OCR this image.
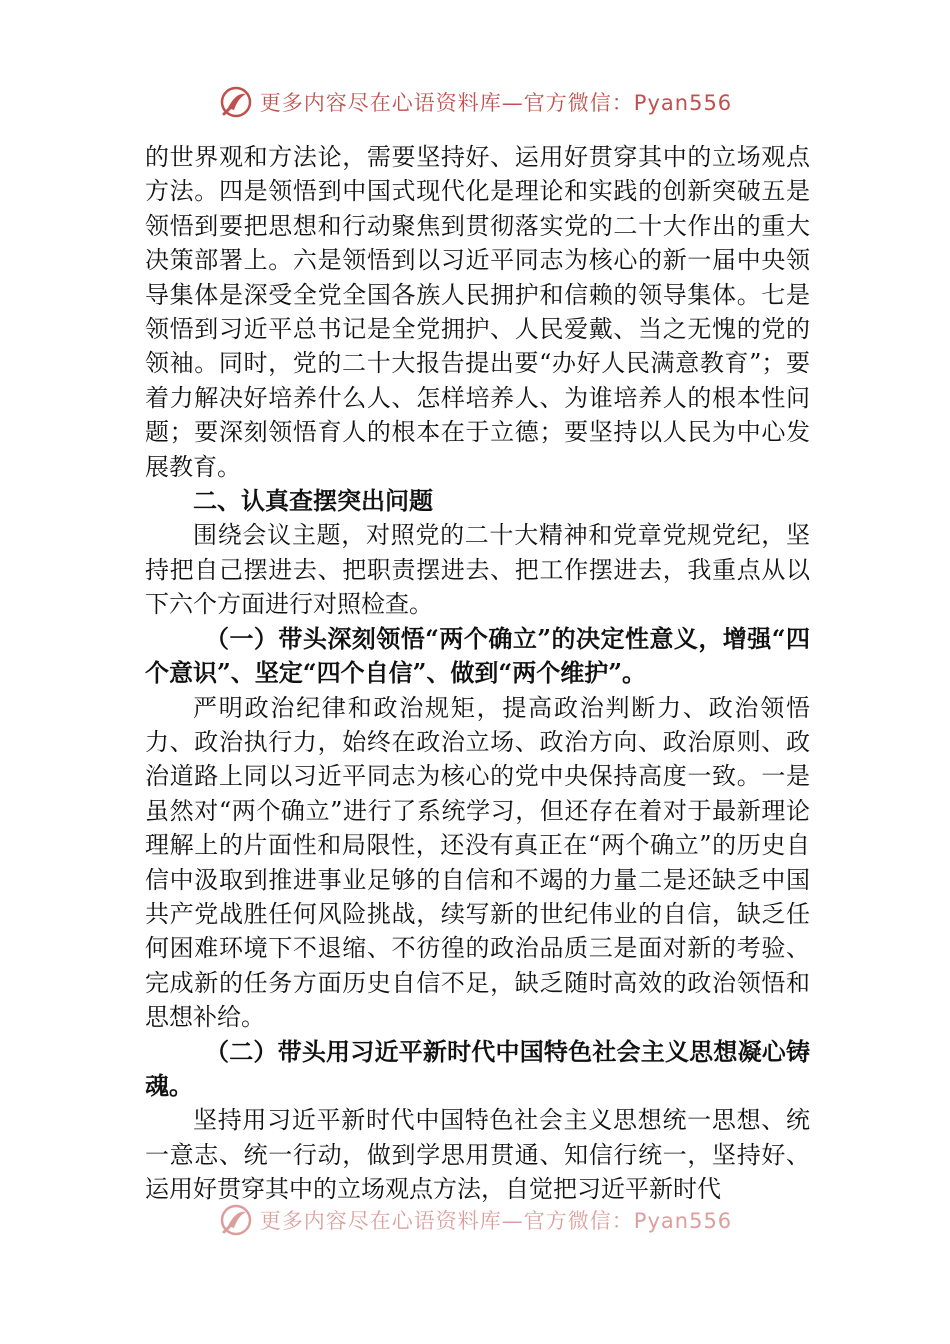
更多内容尽在心语资料库—官方微信：Pyan556

的世界观和方法论，需要坚持好、运用好贯穿其中的立场观点方法。四是领悟到中国式现代化是理论和实践的创新突破五是领悟到要把思想和行动聚焦到贯彻落实党的二十大作出的重大决策部署上。六是领悟到以习近平同志为核心的新一届中央领导集体是深受全党全国各族人民拥护和信赖的领导集体。七是领悟到习近平总书记是全党拥护、人民爱戴、当之无愧的党的领袖。同时，党的二十大报告提出要“办好人民满意教育”；要着力解决好培养什么人、怎样培养人、为谁培养人的根本性问题；要深刻领悟育人的根本在于立德；要坚持以人民为中心发展教育。

二、认真查摆突出问题

围绕会议主题，对照党的二十大精神和党章党规党纪，坚持把自己摆进去、把职责摆进去、把工作摆进去，我重点从以下六个方面进行对照检查。

（一）带头深刻领悟“两个确立”的决定性意义，增强“四个意识”、坚定“四个自信”、做到“两个维护”。

严明政治纪律和政治规矩，提高政治判断力、政治领悟力、政治执行力，始终在政治立场、政治方向、政治原则、政治道路上同以习近平同志为核心的党中央保持高度一致。一是虽然对“两个确立”进行了系统学习，但还存在着对于最新理论理解上的片面性和局限性，还没有真正在“两个确立”的历史自信中汲取到推进事业足够的自信和不竭的力量二是还缺乏中国共产党战胜任何风险挑战，续写新的世纪伟业的自信，缺乏任何困难环境下不退缩、不彷徨的政治品质三是面对新的考验、完成新的任务方面历史自信不足，缺乏随时高效的政治领悟和思想补给。

（二）带头用习近平新时代中国特色社会主义思想凝心铸魂。

坚持用习近平新时代中国特色社会主义思想统一思想、统一意志、统一行动，做到学思用贯通、知信行统一，坚持好、运用好贯穿其中的立场观点方法，自觉把习近平新时代

更多内容尽在心语资料库—官方微信：Pyan556
